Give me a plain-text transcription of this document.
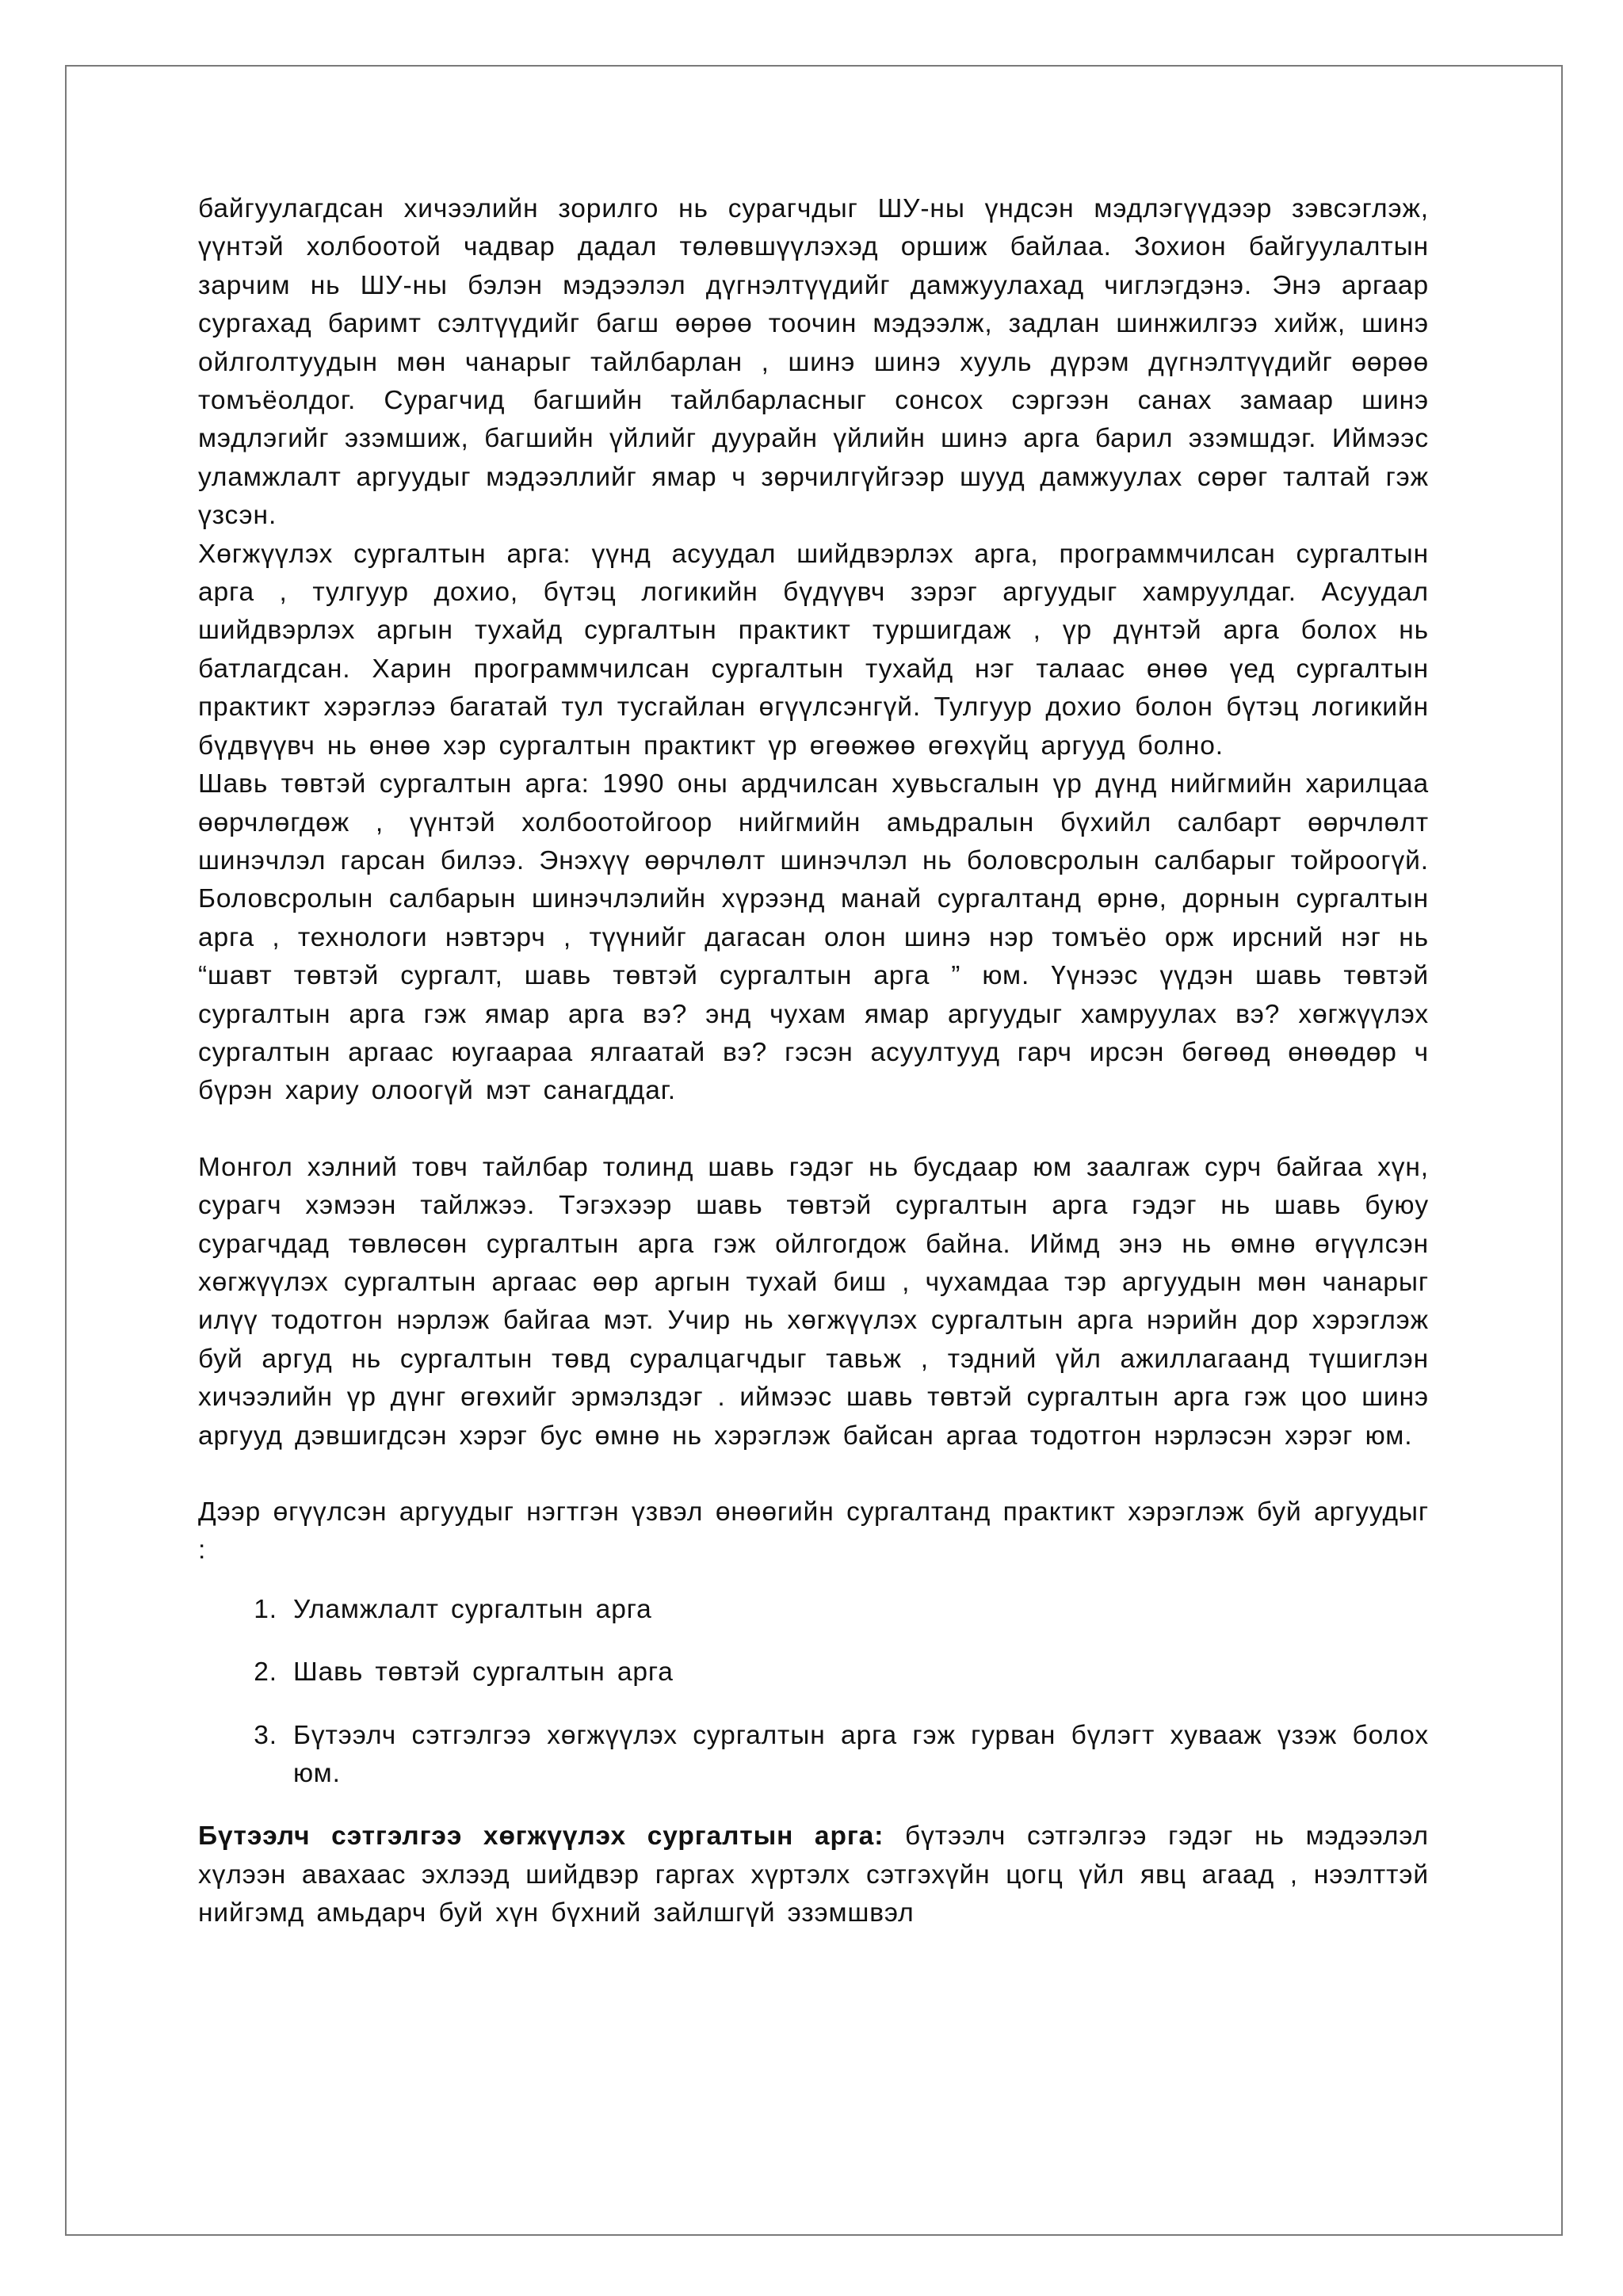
байгуулагдсан хичээлийн зорилго нь сурагчдыг ШУ-ны үндсэн мэдлэгүүдээр зэвсэглэж, үүнтэй холбоотой чадвар дадал төлөвшүүлэхэд оршиж байлаа. Зохион байгуулалтын зарчим нь ШУ-ны бэлэн мэдээлэл дүгнэлтүүдийг дамжуулахад чиглэгдэнэ. Энэ аргаар сургахад баримт сэлтүүдийг багш өөрөө тоочин мэдээлж, задлан шинжилгээ хийж, шинэ ойлголтуудын мөн чанарыг тайлбарлан , шинэ шинэ хууль дүрэм дүгнэлтүүдийг өөрөө томъёолдог. Сурагчид багшийн тайлбарласныг сонсох сэргээн санах замаар шинэ мэдлэгийг эзэмшиж, багшийн үйлийг дуурайн үйлийн шинэ арга барил эзэмшдэг. Иймээс уламжлалт аргуудыг мэдээллийг ямар ч зөрчилгүйгээр шууд дамжуулах сөрөг талтай гэж үзсэн.

Хөгжүүлэх сургалтын арга: үүнд асуудал шийдвэрлэх арга, программчилсан сургалтын арга , тулгуур дохио, бүтэц логикийн бүдүүвч зэрэг аргуудыг хамруулдаг. Асуудал шийдвэрлэх аргын тухайд сургалтын практикт туршигдаж , үр дүнтэй арга болох нь батлагдсан. Харин программчилсан сургалтын тухайд нэг талаас өнөө үед сургалтын практикт хэрэглээ багатай тул тусгайлан өгүүлсэнгүй. Тулгуур дохио болон бүтэц логикийн бүдвүүвч нь өнөө хэр сургалтын практикт үр өгөөжөө өгөхүйц аргууд болно.

Шавь төвтэй сургалтын арга: 1990 оны ардчилсан хувьсгалын үр дүнд нийгмийн харилцаа өөрчлөгдөж , үүнтэй холбоотойгоор нийгмийн амьдралын бүхийл салбарт өөрчлөлт шинэчлэл гарсан билээ. Энэхүү өөрчлөлт шинэчлэл нь боловсролын салбарыг тойроогүй. Боловсролын салбарын шинэчлэлийн хүрээнд манай сургалтанд өрнө, дорнын сургалтын арга , технологи нэвтэрч , түүнийг дагасан олон шинэ нэр томъёо орж ирсний нэг нь “шавт төвтэй сургалт, шавь төвтэй сургалтын арга ” юм. Үүнээс үүдэн шавь төвтэй сургалтын арга гэж ямар арга вэ? энд чухам ямар аргуудыг хамруулах вэ? хөгжүүлэх сургалтын аргаас юугаараа ялгаатай вэ? гэсэн асуултууд гарч ирсэн бөгөөд өнөөдөр ч бүрэн хариу олоогүй мэт санагддаг.

Монгол хэлний товч тайлбар толинд шавь гэдэг нь бусдаар юм заалгаж сурч байгаа хүн, сурагч хэмээн тайлжээ. Тэгэхээр шавь төвтэй сургалтын арга гэдэг нь шавь буюу сурагчдад төвлөсөн сургалтын арга гэж ойлгогдож байна. Иймд энэ нь өмнө өгүүлсэн хөгжүүлэх сургалтын аргаас өөр аргын тухай биш , чухамдаа тэр аргуудын мөн чанарыг илүү тодотгон нэрлэж байгаа мэт. Учир нь хөгжүүлэх сургалтын арга нэрийн дор хэрэглэж буй аргуд нь сургалтын төвд суралцагчдыг тавьж , тэдний үйл ажиллагаанд түшиглэн хичээлийн үр дүнг өгөхийг эрмэлздэг . иймээс шавь төвтэй сургалтын арга гэж цоо шинэ аргууд дэвшигдсэн хэрэг бус өмнө нь хэрэглэж байсан аргаа тодотгон нэрлэсэн хэрэг юм.

Дээр өгүүлсэн аргуудыг нэгтгэн үзвэл өнөөгийн сургалтанд практикт хэрэглэж буй аргуудыг :

1. Уламжлалт сургалтын арга
2. Шавь төвтэй сургалтын арга
3. Бүтээлч сэтгэлгээ хөгжүүлэх сургалтын арга гэж гурван бүлэгт хувааж үзэж болох юм.

Бүтээлч сэтгэлгээ хөгжүүлэх сургалтын арга: бүтээлч сэтгэлгээ гэдэг нь мэдээлэл хүлээн авахаас эхлээд шийдвэр гаргах хүртэлх сэтгэхүйн цогц үйл явц агаад , нээлттэй нийгэмд амьдарч буй хүн бүхний зайлшгүй эзэмшвэл
